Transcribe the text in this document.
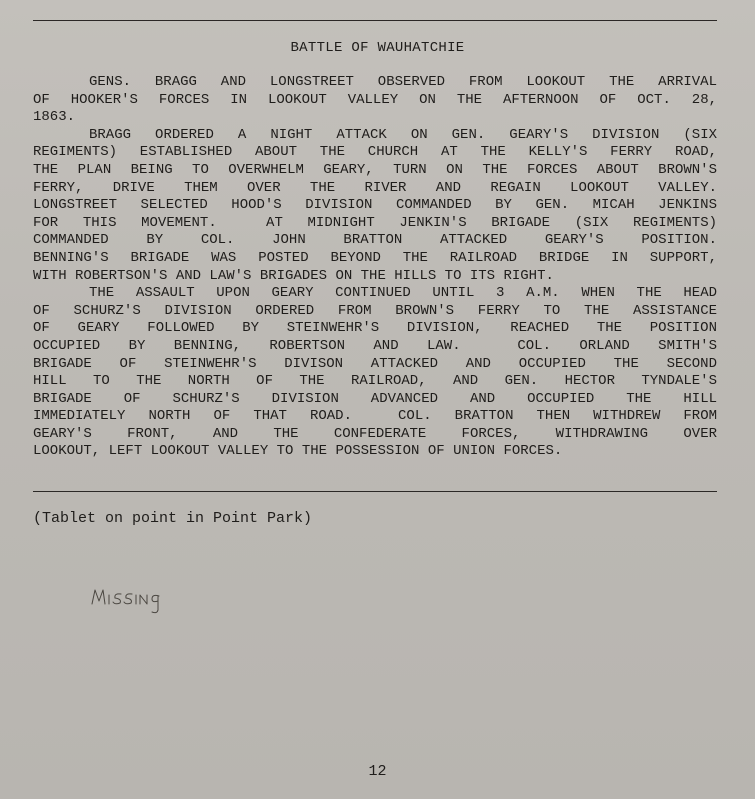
BATTLE OF WAUHATCHIE
GENS. BRAGG AND LONGSTREET OBSERVED FROM LOOKOUT THE ARRIVAL
OF HOOKER'S FORCES IN LOOKOUT VALLEY ON THE AFTERNOON OF OCT. 28,
1863.
BRAGG ORDERED A NIGHT ATTACK ON GEN. GEARY'S DIVISION (SIX
REGIMENTS) ESTABLISHED ABOUT THE CHURCH AT THE KELLY'S FERRY ROAD,
THE PLAN BEING TO OVERWHELM GEARY, TURN ON THE FORCES ABOUT BROWN'S
FERRY, DRIVE THEM OVER THE RIVER AND REGAIN LOOKOUT VALLEY.
LONGSTREET SELECTED HOOD'S DIVISION COMMANDED BY GEN. MICAH JENKINS
FOR THIS MOVEMENT.  AT MIDNIGHT JENKIN'S BRIGADE (SIX REGIMENTS)
COMMANDED BY COL. JOHN BRATTON ATTACKED GEARY'S POSITION.
BENNING'S BRIGADE WAS POSTED BEYOND THE RAILROAD BRIDGE IN SUPPORT,
WITH ROBERTSON'S AND LAW'S BRIGADES ON THE HILLS TO ITS RIGHT.
THE ASSAULT UPON GEARY CONTINUED UNTIL 3 A.M. WHEN THE HEAD
OF SCHURZ'S DIVISION ORDERED FROM BROWN'S FERRY TO THE ASSISTANCE
OF GEARY FOLLOWED BY STEINWEHR'S DIVISION, REACHED THE POSITION
OCCUPIED BY BENNING, ROBERTSON AND LAW.  COL. ORLAND SMITH'S
BRIGADE OF STEINWEHR'S DIVISON ATTACKED AND OCCUPIED THE SECOND
HILL TO THE NORTH OF THE RAILROAD, AND GEN. HECTOR TYNDALE'S
BRIGADE OF SCHURZ'S DIVISION ADVANCED AND OCCUPIED THE HILL
IMMEDIATELY NORTH OF THAT ROAD.  COL. BRATTON THEN WITHDREW FROM
GEARY'S FRONT, AND THE CONFEDERATE FORCES, WITHDRAWING OVER
LOOKOUT, LEFT LOOKOUT VALLEY TO THE POSSESSION OF UNION FORCES.
(Tablet on point in Point Park)
12
